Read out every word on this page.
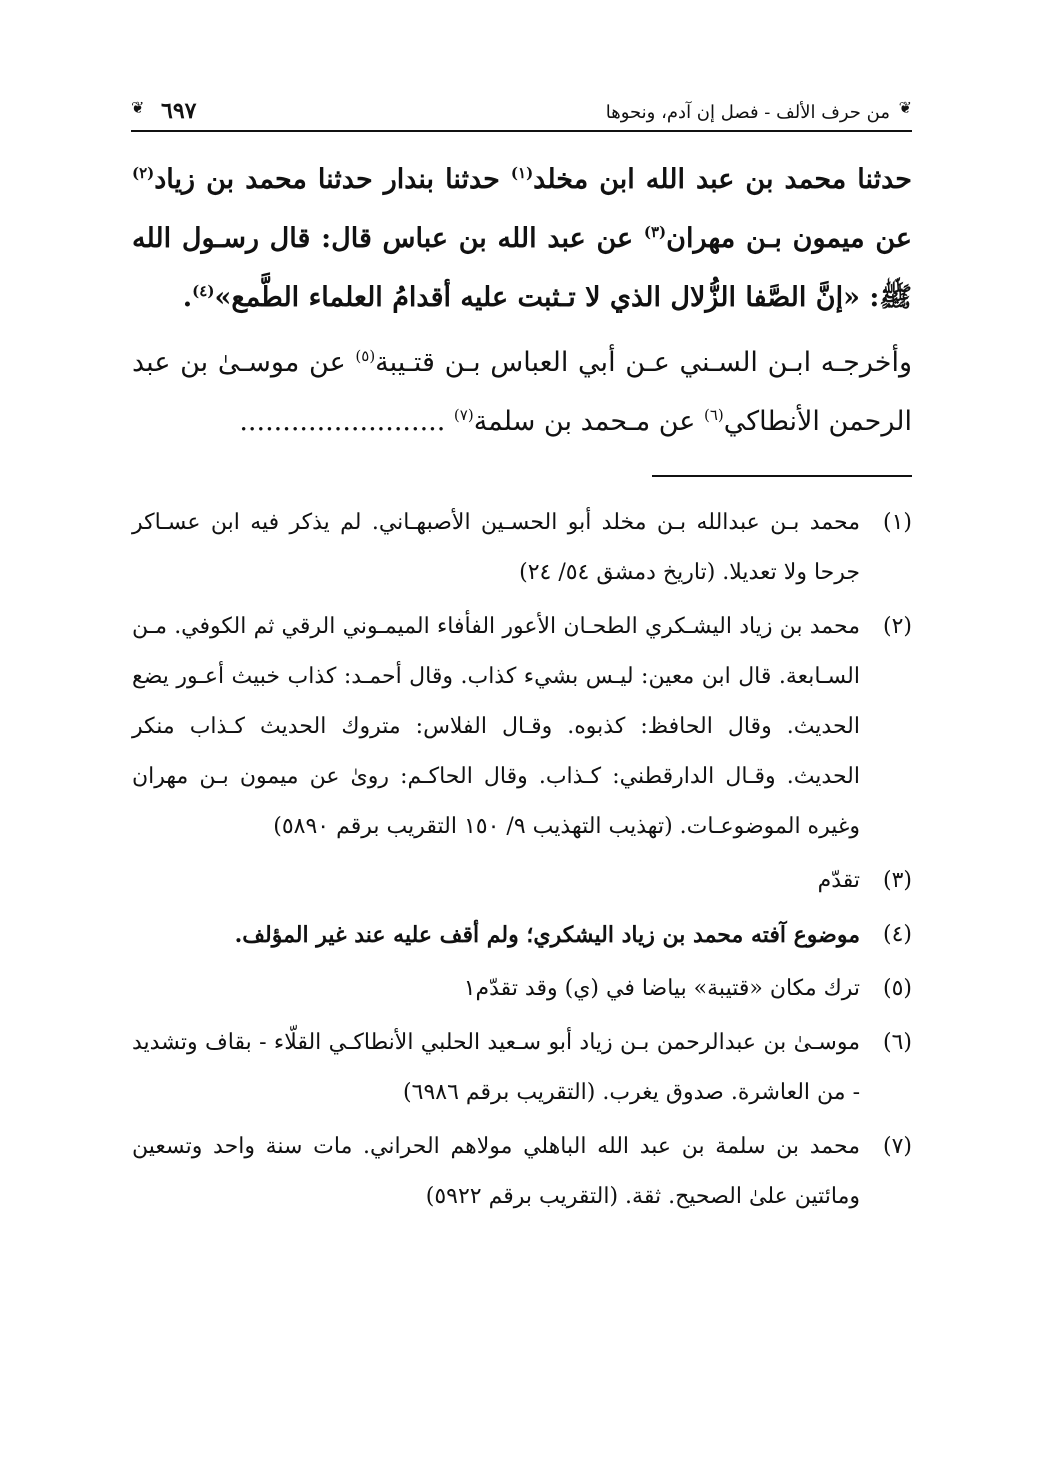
❦
من حرف الألف - فصل إن آدم، ونحوها
٦٩٧
❦

حدثنا محمد بن عبد الله ابن مخلد$^{(١)}$ حدثنا بندار حدثنا محمد بن زياد$^{(٢)}$ عن ميمون بـن مهران$^{(٣)}$ عن عبد الله بن عباس قال: قال رسـول الله ﷺ: «إنَّ الصَّفا الزُّلال الذي لا تـثبت عليه أقدامُ العلماء الطَّمع»$^{(٤)}$.

وأخرجـه ابـن السـني عـن أبي العباس بـن قتـيبة$^{(٥)}$ عن موسـىٰ بن عبد الرحمن الأنطاكي$^{(٦)}$ عن مـحمد بن سلمة$^{(٧)}$ ........................

(١)
محمد بـن عبدالله بـن مخلد أبو الحسـين الأصبهـاني. لم يذكر فيه ابن عسـاكر جرحا ولا تعديلا. (تاريخ دمشق ٥٤/ ٢٤)
(٢)
محمد بن زياد اليشـكري الطحـان الأعور الفأفاء الميمـوني الرقي ثم الكوفي. مـن السـابعة. قال ابن معين: ليـس بشيء كذاب. وقال أحمـد: كذاب خبيث أعـور يضع الحديث. وقال الحافظ: كذبوه. وقـال الفلاس: متروك الحديث كـذاب منكر الحديث. وقـال الدارقطني: كـذاب. وقال الحاكـم: روىٰ عن ميمون بـن مهران وغيره الموضوعـات. (تهذيب التهذيب ٩/ ١٥٠ التقريب برقم ٥٨٩٠)
(٣)
تقدّم
(٤)
موضوع آفته محمد بن زياد اليشكري؛ ولم أقف عليه عند غير المؤلف.
(٥)
ترك مكان «قتيبة» بياضا في (ي) وقد تقدّم١
(٦)
موسـىٰ بن عبدالرحمن بـن زياد أبو سـعيد الحلبي الأنطاكـي القلّاء - بقاف وتشديد - من العاشرة. صدوق يغرب. (التقريب برقم ٦٩٨٦)
(٧)
محمد بن سلمة بن عبد الله الباهلي مولاهم الحراني. مات سنة واحد وتسعين ومائتين علىٰ الصحيح. ثقة. (التقريب برقم ٥٩٢٢)
